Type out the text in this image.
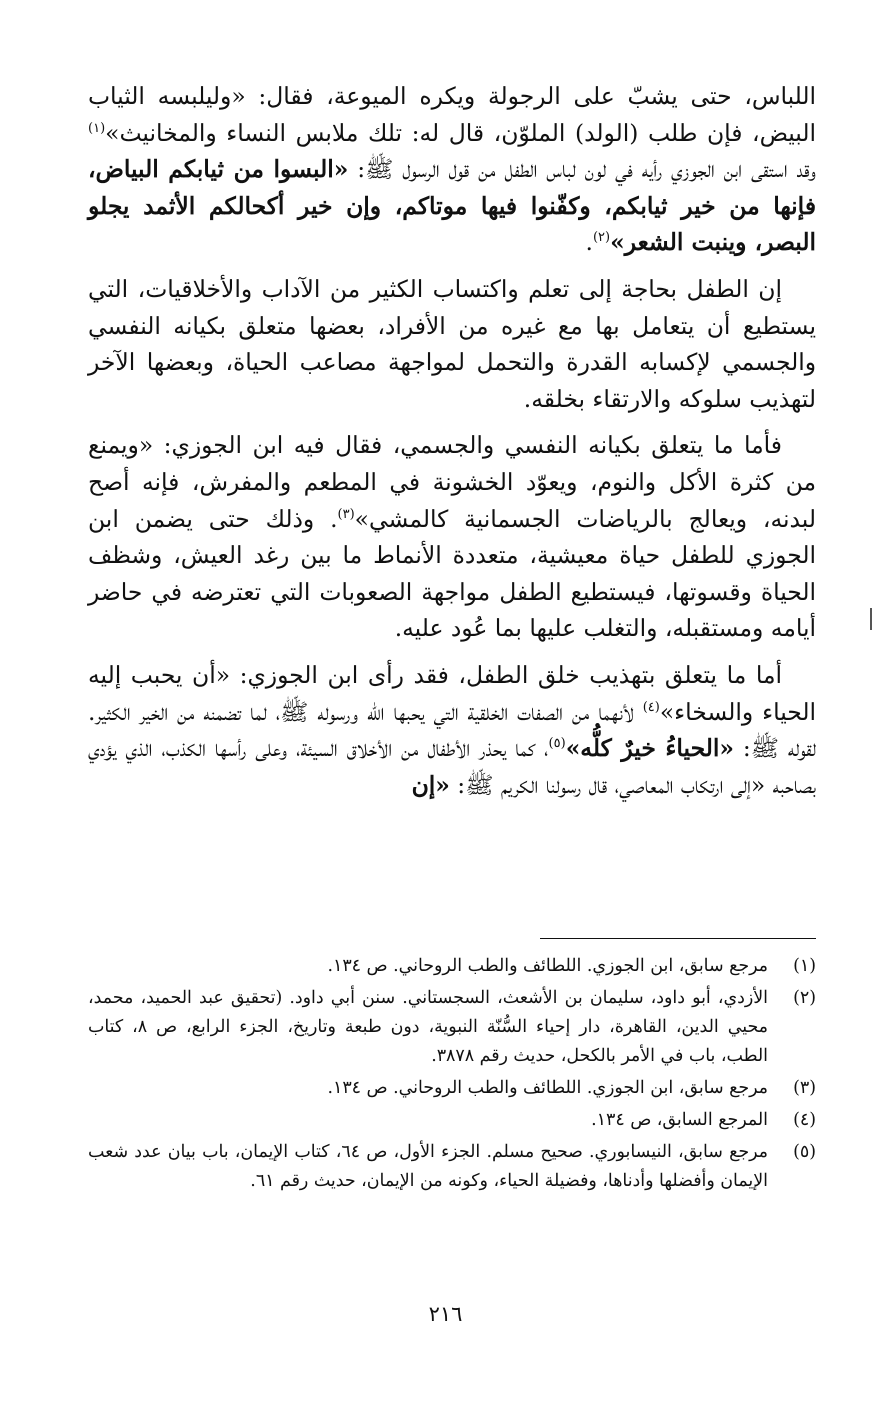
اللباس، حتى يشبّ على الرجولة ويكره الميوعة، فقال: «وليلبسه الثياب البيض، فإن طلب (الولد) الملوّن، قال له: تلك ملابس النساء والمخانيث»$^{(١)}$ وقد استقى ابن الجوزي رأيه في لون لباس الطفل من قول الرسول ﷺ: «البسوا من ثيابكم البياض، فإنها من خير ثيابكم، وكفّنوا فيها موتاكم، وإن خير أكحالكم الأثمد يجلو البصر، وينبت الشعر»$^{(٢)}$.

إن الطفل بحاجة إلى تعلم واكتساب الكثير من الآداب والأخلاقيات، التي يستطيع أن يتعامل بها مع غيره من الأفراد، بعضها متعلق بكيانه النفسي والجسمي لإكسابه القدرة والتحمل لمواجهة مصاعب الحياة، وبعضها الآخر لتهذيب سلوكه والارتقاء بخلقه.

فأما ما يتعلق بكيانه النفسي والجسمي، فقال فيه ابن الجوزي: «ويمنع من كثرة الأكل والنوم، ويعوّد الخشونة في المطعم والمفرش، فإنه أصح لبدنه، ويعالج بالرياضات الجسمانية كالمشي»$^{(٣)}$. وذلك حتى يضمن ابن الجوزي للطفل حياة معيشية، متعددة الأنماط ما بين رغد العيش، وشظف الحياة وقسوتها، فيستطيع الطفل مواجهة الصعوبات التي تعترضه في حاضر أيامه ومستقبله، والتغلب عليها بما عُود عليه.

أما ما يتعلق بتهذيب خلق الطفل، فقد رأى ابن الجوزي: «أن يحبب إليه الحياء والسخاء»$^{(٤)}$ لأنهما من الصفات الخلقية التي يحبها الله ورسوله ﷺ، لما تضمنه من الخير الكثير. لقوله ﷺ: «الحياءُ خيرٌ كلُّه»$^{(٥)}$، كما يحذر الأطفال من الأخلاق السيئة، وعلى رأسها الكذب، الذي يؤدي بصاحبه «إلى ارتكاب المعاصي، قال رسولنا الكريم ﷺ: «إن

(١)
مرجع سابق، ابن الجوزي. اللطائف والطب الروحاني. ص ١٣٤.
(٢)
الأزدي، أبو داود، سليمان بن الأشعث، السجستاني. سنن أبي داود. (تحقيق عبد الحميد، محمد، محيي الدين، القاهرة، دار إحياء السُّنّة النبوية، دون طبعة وتاريخ، الجزء الرابع، ص ٨، كتاب الطب، باب في الأمر بالكحل، حديث رقم ٣٨٧٨.
(٣)
مرجع سابق، ابن الجوزي. اللطائف والطب الروحاني. ص ١٣٤.
(٤)
المرجع السابق، ص ١٣٤.
(٥)
مرجع سابق، النيسابوري. صحيح مسلم. الجزء الأول، ص ٦٤، كتاب الإيمان، باب بيان عدد شعب الإيمان وأفضلها وأدناها، وفضيلة الحياء، وكونه من الإيمان، حديث رقم ٦١.
٢١٦
